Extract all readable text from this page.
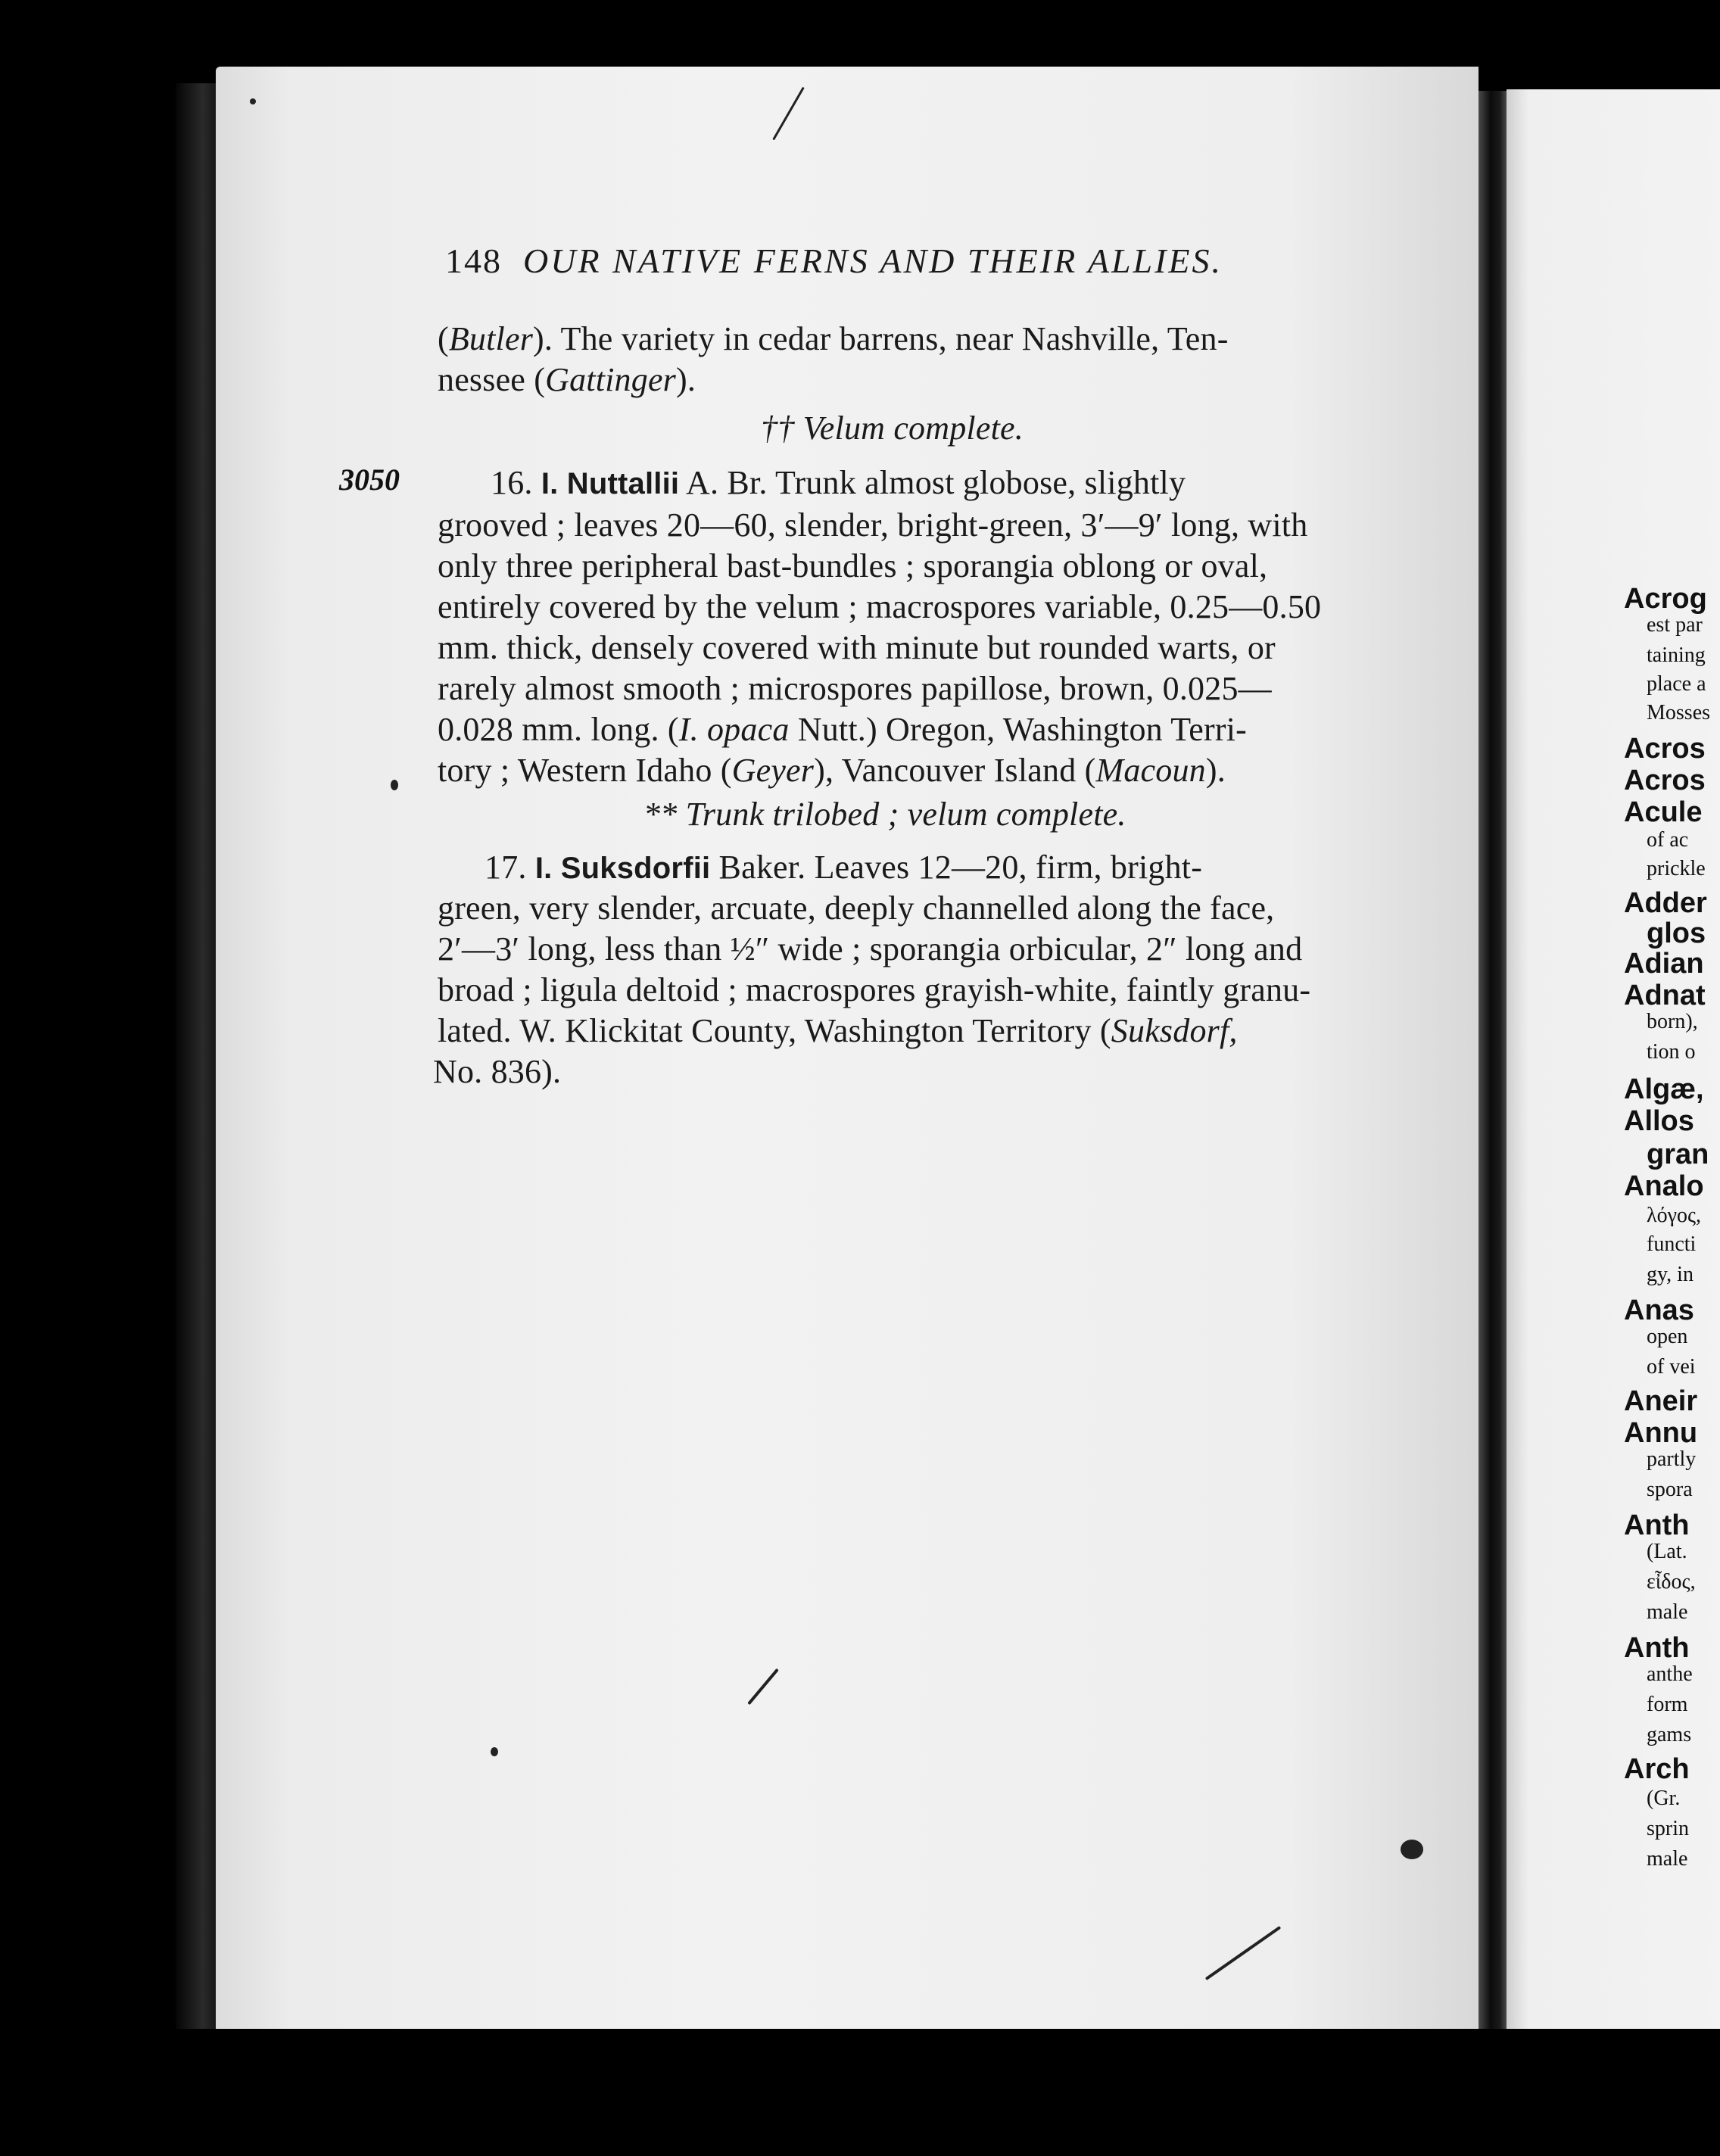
148 OUR NATIVE FERNS AND THEIR ALLIES.
3050
(Butler). The variety in cedar barrens, near Nashville, Ten-
nessee (Gattinger).
†† Velum complete.
16. I. Nuttallii A. Br. Trunk almost globose, slightly
grooved ; leaves 20—60, slender, bright-green, 3′—9′ long, with
only three peripheral bast-bundles ; sporangia oblong or oval,
entirely covered by the velum ; macrospores variable, 0.25—0.50
mm. thick, densely covered with minute but rounded warts, or
rarely almost smooth ; microspores papillose, brown, 0.025—
0.028 mm. long. (I. opaca Nutt.) Oregon, Washington Terri-
tory ; Western Idaho (Geyer), Vancouver Island (Macoun).
** Trunk trilobed ; velum complete.
17. I. Suksdorfii Baker. Leaves 12—20, firm, bright-
green, very slender, arcuate, deeply channelled along the face,
2′—3′ long, less than ½″ wide ; sporangia orbicular, 2″ long and
broad ; ligula deltoid ; macrospores grayish-white, faintly granu-
lated. W. Klickitat County, Washington Territory (Suksdorf,
No. 836).
Acrog
est par
taining
place a
Mosses
Acros
Acros
Acule
of ac
prickle
Adder
glos
Adian
Adnat
born),
tion o
Algæ,
Allos
gran
Analo
λόγος,
functi
gy, in
Anas
open
of vei
Aneir
Annu
partly
spora
Anth
(Lat.
εἶδος,
male
Anth
anthe
form
gams
Arch
(Gr.
sprin
male
